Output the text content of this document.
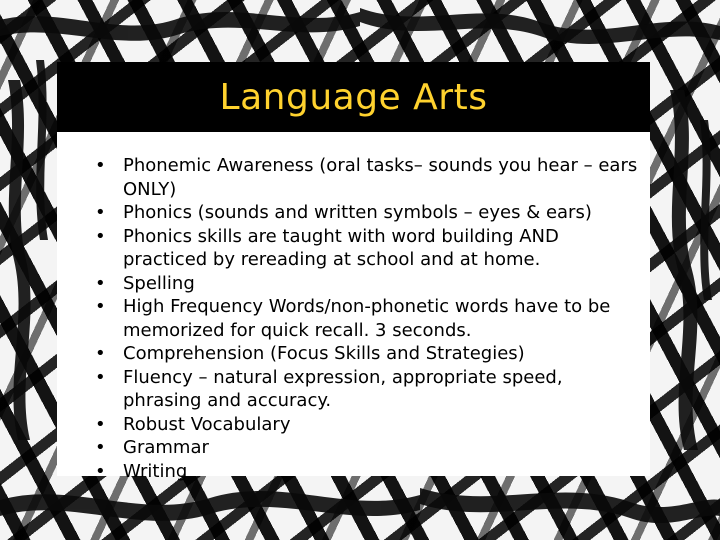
Language Arts
• Phonemic Awareness (oral tasks– sounds you hear – ears ONLY)
• Phonics (sounds and written symbols – eyes & ears)
• Phonics skills are taught with word building AND practiced by rereading at school and at home.
• Spelling
• High Frequency Words/non-phonetic words have to be memorized for quick recall. 3 seconds.
• Comprehension (Focus Skills and Strategies)
• Fluency – natural expression, appropriate speed, phrasing and accuracy.
• Robust Vocabulary
• Grammar
• Writing
